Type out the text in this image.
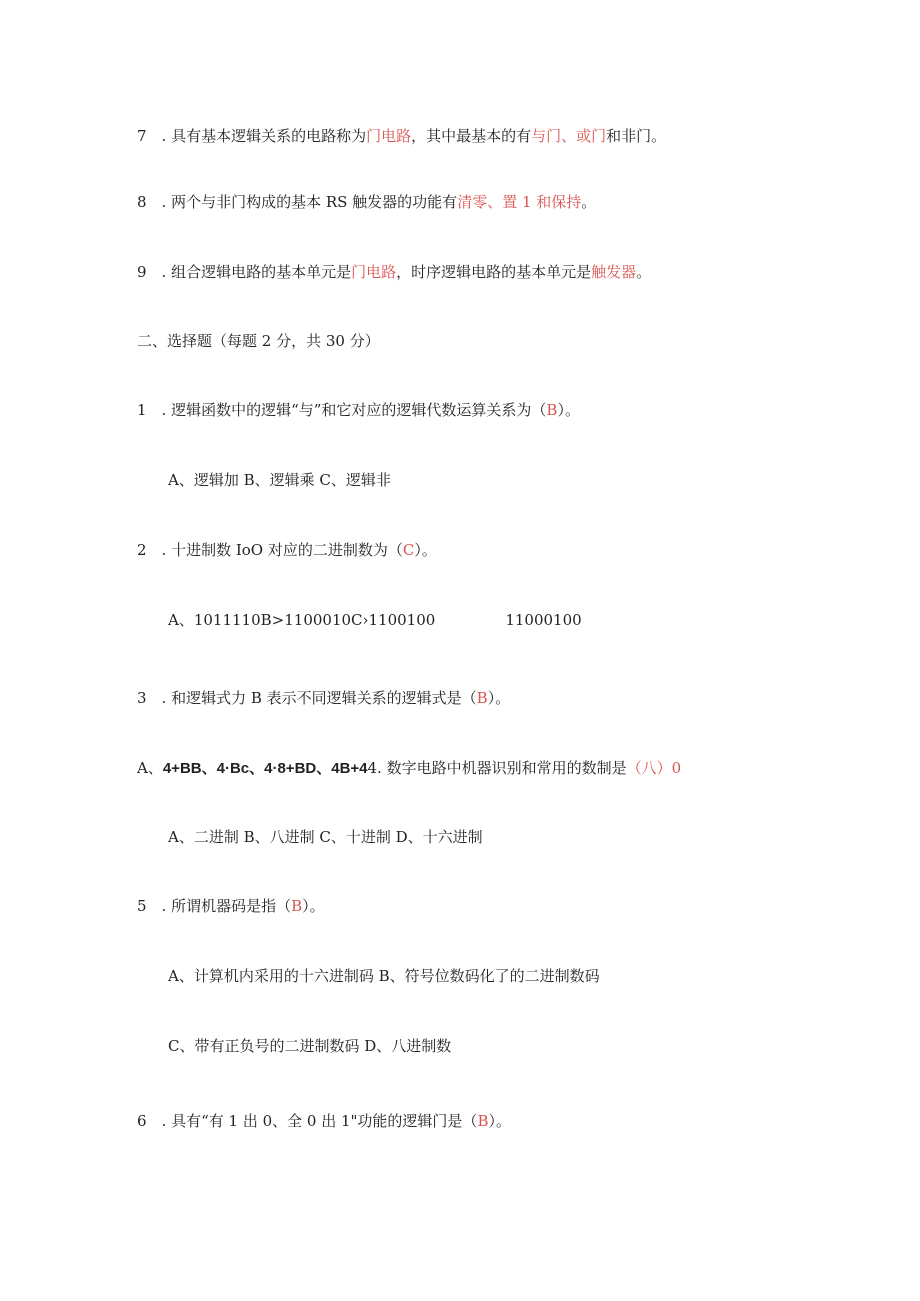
7　. 具有基本逻辑关系的电路称为门电路，其中最基本的有与门、或门和非门。
8　. 两个与非门构成的基本 RS 触发器的功能有清零、置 1 和保持。
9　. 组合逻辑电路的基本单元是门电路，时序逻辑电路的基本单元是触发器。
二、选择题（每题 2 分，共 30 分）
1　. 逻辑函数中的逻辑“与”和它对应的逻辑代数运算关系为（B）。
A、逻辑加 B、逻辑乘 C、逻辑非
2　. 十进制数 IoO 对应的二进制数为（C）。
A、1011110B>1100010C›1100100	11000100
3　. 和逻辑式力 B 表示不同逻辑关系的逻辑式是（B）。
A、4+BB、4·Bc、4·8+BD、4B+44. 数字电路中机器识别和常用的数制是（八）0
A、二进制 B、八进制 C、十进制 D、十六进制
5　. 所谓机器码是指（B）。
A、计算机内采用的十六进制码 B、符号位数码化了的二进制数码
C、带有正负号的二进制数码 D、八进制数
6　. 具有“有 1 出 0、全 0 出 1"功能的逻辑门是（B）。
